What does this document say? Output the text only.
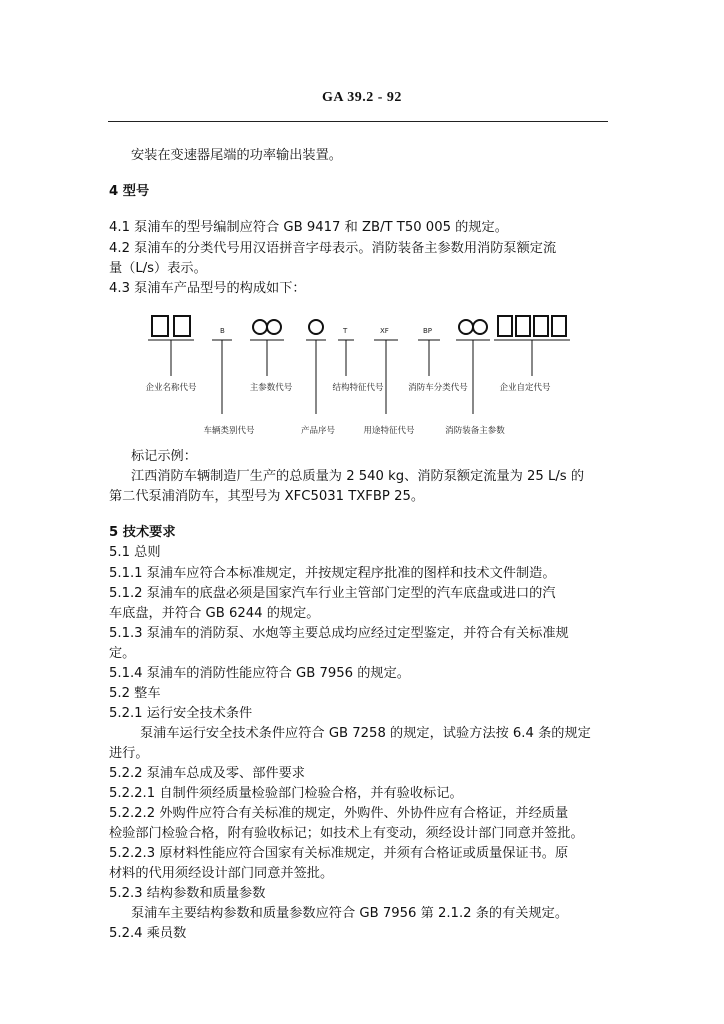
GA 39.2 - 92
安装在变速器尾端的功率输出装置。
4 型号
4.1 泵浦车的型号编制应符合 GB 9417 和 ZB/T T50 005 的规定。
4.2 泵浦车的分类代号用汉语拼音字母表示。消防装备主参数用消防泵额定流
量（L/s）表示。
4.3 泵浦车产品型号的构成如下：
B	T	XF	BP
企业名称代号	主参数代号	结构特征代号	消防车分类代号	企业自定代号
车辆类别代号	产品序号	用途特征代号	消防装备主参数
标记示例：
江西消防车辆制造厂生产的总质量为 2 540 kg、消防泵额定流量为 25 L/s 的
第二代泵浦消防车，其型号为 XFC5031 TXFBP 25。
5 技术要求
5.1 总则
5.1.1 泵浦车应符合本标准规定，并按规定程序批准的图样和技术文件制造。
5.1.2 泵浦车的底盘必须是国家汽车行业主管部门定型的汽车底盘或进口的汽
车底盘，并符合 GB 6244 的规定。
5.1.3 泵浦车的消防泵、水炮等主要总成均应经过定型鉴定，并符合有关标准规
定。
5.1.4 泵浦车的消防性能应符合 GB 7956 的规定。
5.2 整车
5.2.1 运行安全技术条件
泵浦车运行安全技术条件应符合 GB 7258 的规定，试验方法按 6.4 条的规定
进行。
5.2.2 泵浦车总成及零、部件要求
5.2.2.1 自制件须经质量检验部门检验合格，并有验收标记。
5.2.2.2 外购件应符合有关标准的规定，外购件、外协件应有合格证，并经质量
检验部门检验合格，附有验收标记；如技术上有变动，须经设计部门同意并签批。
5.2.2.3 原材料性能应符合国家有关标准规定，并须有合格证或质量保证书。原
材料的代用须经设计部门同意并签批。
5.2.3 结构参数和质量参数
泵浦车主要结构参数和质量参数应符合 GB 7956 第 2.1.2 条的有关规定。
5.2.4 乘员数
